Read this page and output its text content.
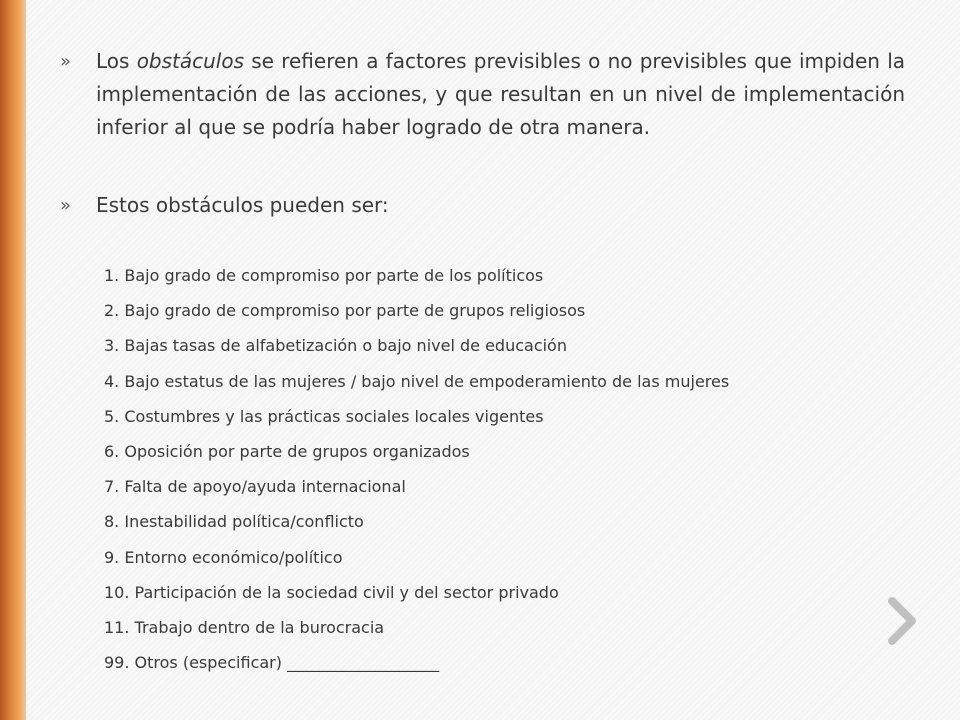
»	Los obstáculos se refieren a factores previsibles o no previsibles que impiden la implementación de las acciones, y que resultan en un nivel de implementación inferior al que se podría haber logrado de otra manera.
»	Estos obstáculos pueden ser:
1. Bajo grado de compromiso por parte de los políticos
2. Bajo grado de compromiso por parte de grupos religiosos
3. Bajas tasas de alfabetización o bajo nivel de educación
4. Bajo estatus de las mujeres / bajo nivel de empoderamiento de las mujeres
5. Costumbres y las prácticas sociales locales vigentes
6. Oposición por parte de grupos organizados
7. Falta de apoyo/ayuda internacional
8. Inestabilidad política/conflicto
9. Entorno económico/político
10. Participación de la sociedad civil y del sector privado
11. Trabajo dentro de la burocracia
99. Otros (especificar) ___________________
